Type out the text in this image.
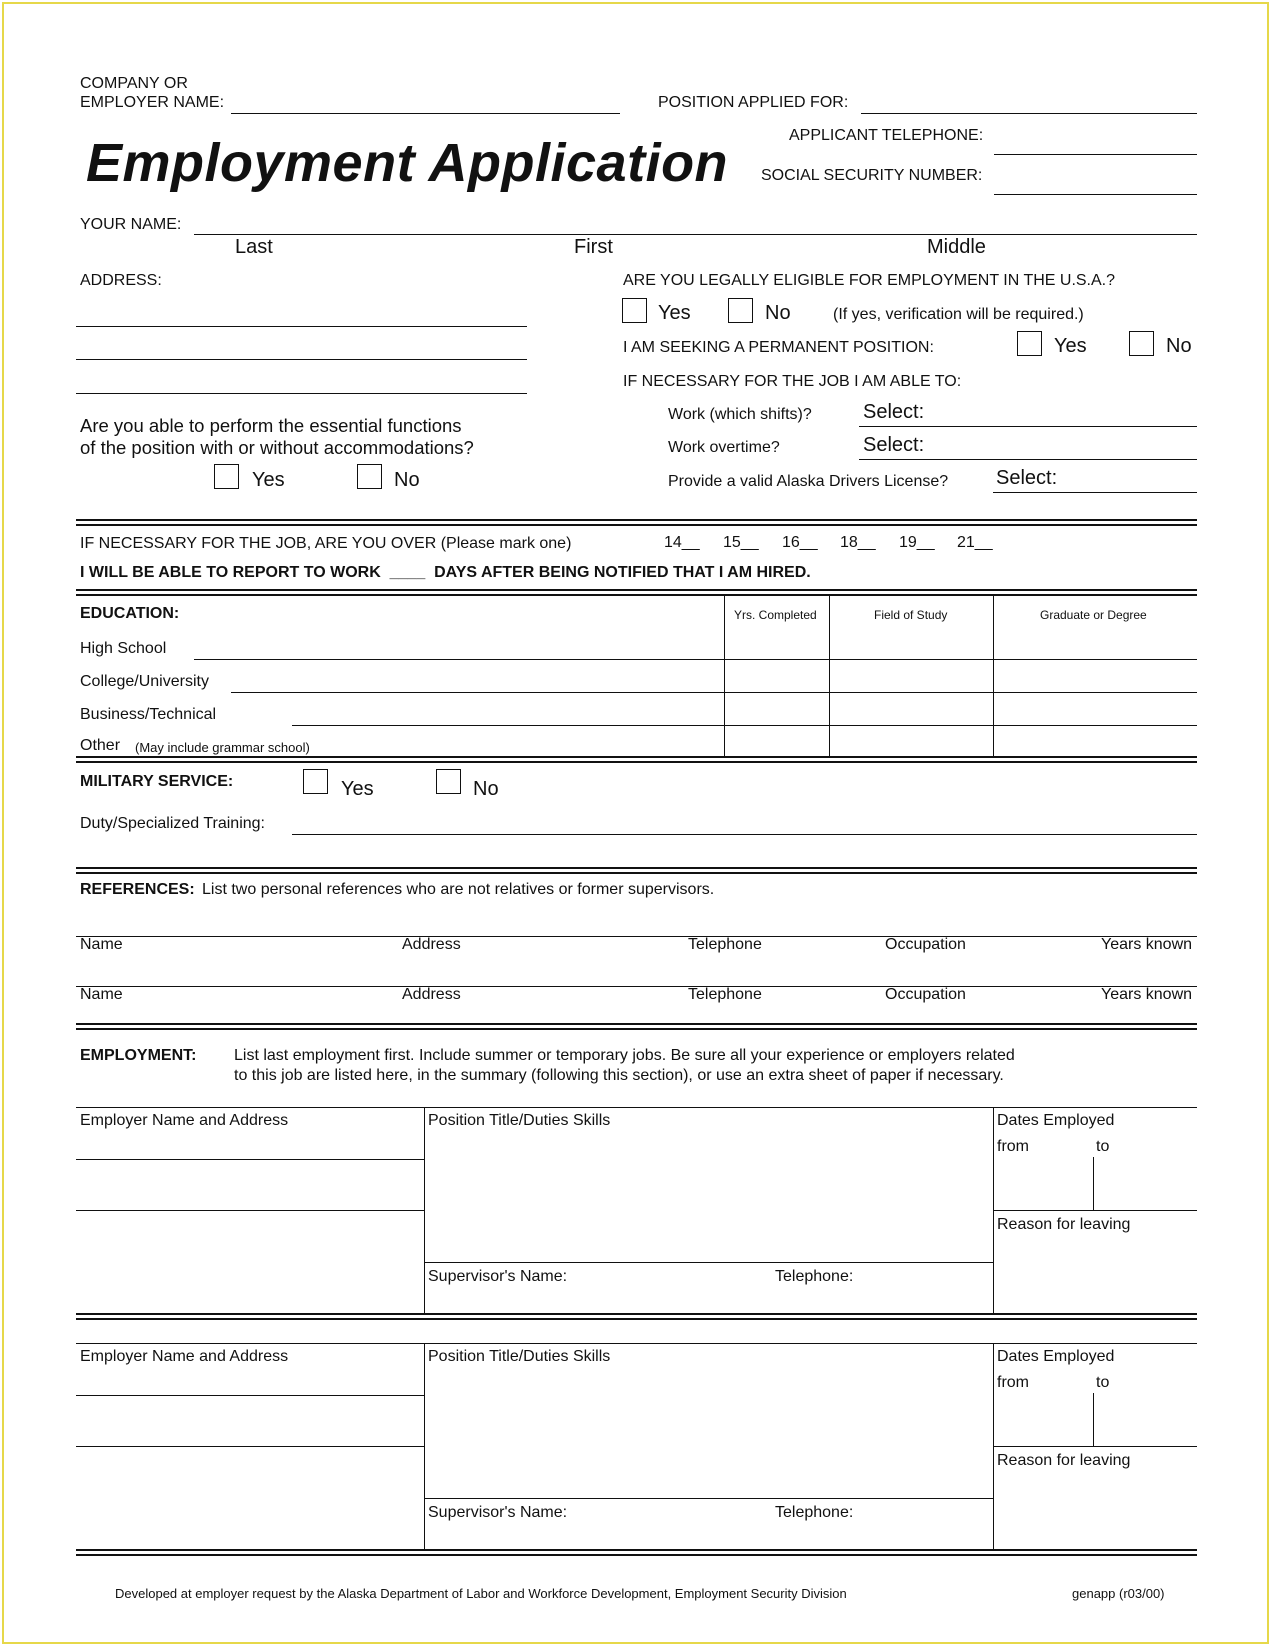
COMPANY OR
EMPLOYER NAME:	POSITION APPLIED FOR:
Employment Application	APPLICANT TELEPHONE:
SOCIAL SECURITY NUMBER:
YOUR NAME:
Last	First	Middle
ADDRESS:	ARE YOU LEGALLY ELIGIBLE FOR EMPLOYMENT IN THE U.S.A.?
Yes	No	(If yes, verification will be required.)
I AM SEEKING A PERMANENT POSITION:	Yes	No
IF NECESSARY FOR THE JOB I AM ABLE TO:
Work (which shifts)?	Select:
Work overtime?	Select:
Provide a valid Alaska Drivers License? Select:
Are you able to perform the essential functions
of the position with or without accommodations?
Yes	No
IF NECESSARY FOR THE JOB, ARE YOU OVER (Please mark one)	14__ 15__ 16__ 18__ 19__ 21__
I WILL BE ABLE TO REPORT TO WORK  ____  DAYS AFTER BEING NOTIFIED THAT I AM HIRED.
EDUCATION:	Yrs. Completed	Field of Study	Graduate or Degree
High School
College/University
Business/Technical
Other (May include grammar school)
MILITARY SERVICE:	Yes	No
Duty/Specialized Training:
REFERENCES: List two personal references who are not relatives or former supervisors.
Name	Address	Telephone	Occupation	Years known
Name	Address	Telephone	Occupation	Years known
EMPLOYMENT: List last employment first. Include summer or temporary jobs. Be sure all your experience or employers related
to this job are listed here, in the summary (following this section), or use an extra sheet of paper if necessary.
Employer Name and Address	Position Title/Duties Skills	Dates Employed
from	to
Reason for leaving
Supervisor's Name:	Telephone:
Employer Name and Address	Position Title/Duties Skills	Dates Employed
from	to
Reason for leaving
Supervisor's Name:	Telephone:
Developed at employer request by the Alaska Department of Labor and Workforce Development, Employment Security Division	genapp (r03/00)
